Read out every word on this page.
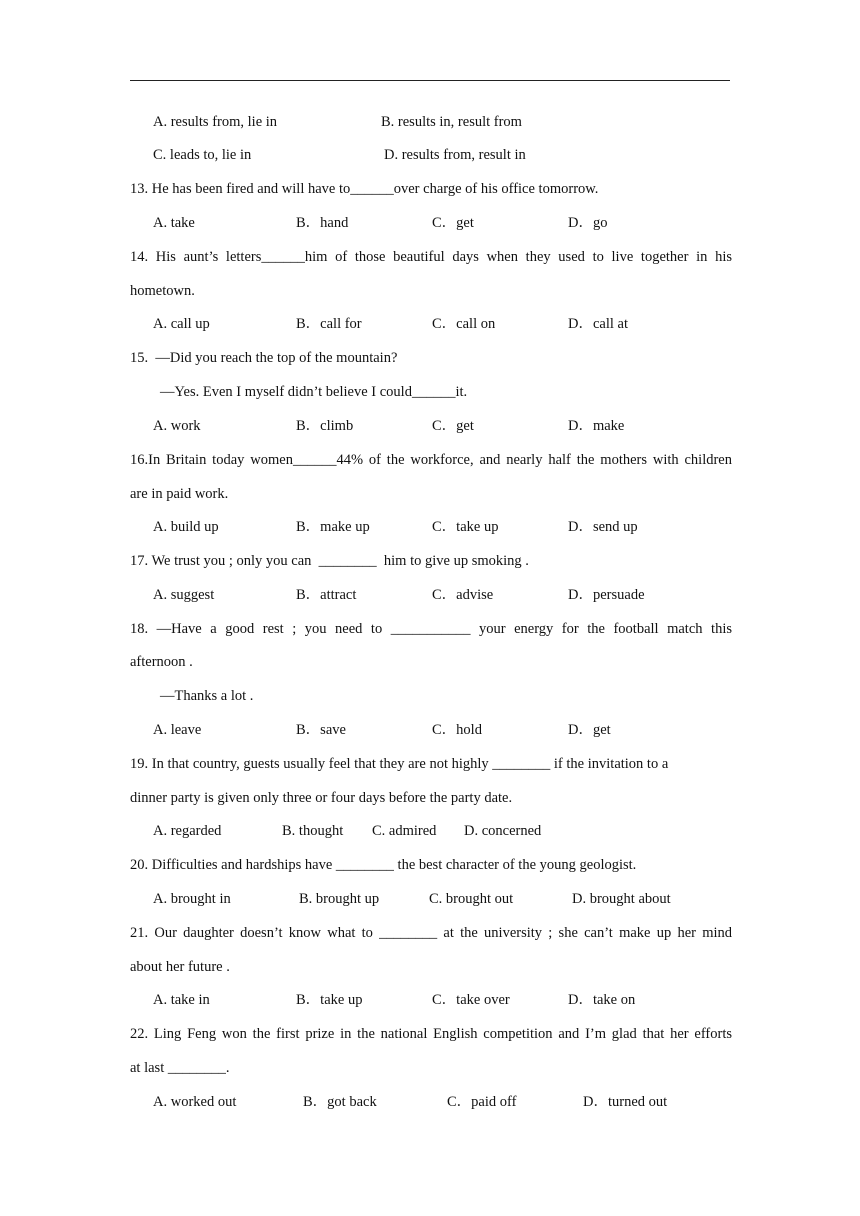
A. results from, lie in	B. results in, result from
C. leads to, lie in	D. results from, result in
13. He has been fired and will have to______over charge of his office tomorrow.
A. take	B．hand	C．get	D．go
14. His aunt’s letters______him of those beautiful days when they used to live together in his
hometown.
A. call up	B．call for	C．call on	D．call at
15.  —Did you reach the top of the mountain?
—Yes. Even I myself didn’t believe I could______it.
A. work	B．climb	C．get	D．make
16.In Britain today women______44% of the workforce, and nearly half the mothers with children
are in paid work.
A. build up	B．make up	C．take up	D．send up
17. We trust you ; only you can  ________  him to give up smoking .
A. suggest	B．attract	C．advise	D．persuade
18. —Have a good rest ; you need to ___________ your energy for the football match this
afternoon .
—Thanks a lot .
A. leave	B．save	C．hold	D．get
19. In that country, guests usually feel that they are not highly ________ if the invitation to a
dinner party is given only three or four days before the party date.
A. regarded	B. thought C. admired D. concerned
20. Difficulties and hardships have ________ the best character of the young geologist.
A. brought in	B. brought up	C. brought out	D. brought about
21. Our daughter doesn’t know what to ________ at the university ; she can’t make up her mind
about her future .
A. take in	B．take up	C．take over	D．take on
22. Ling Feng won the first prize in the national English competition and I’m glad that her efforts
at last ________.
A. worked out	B．got back	C．paid off	D．turned out
